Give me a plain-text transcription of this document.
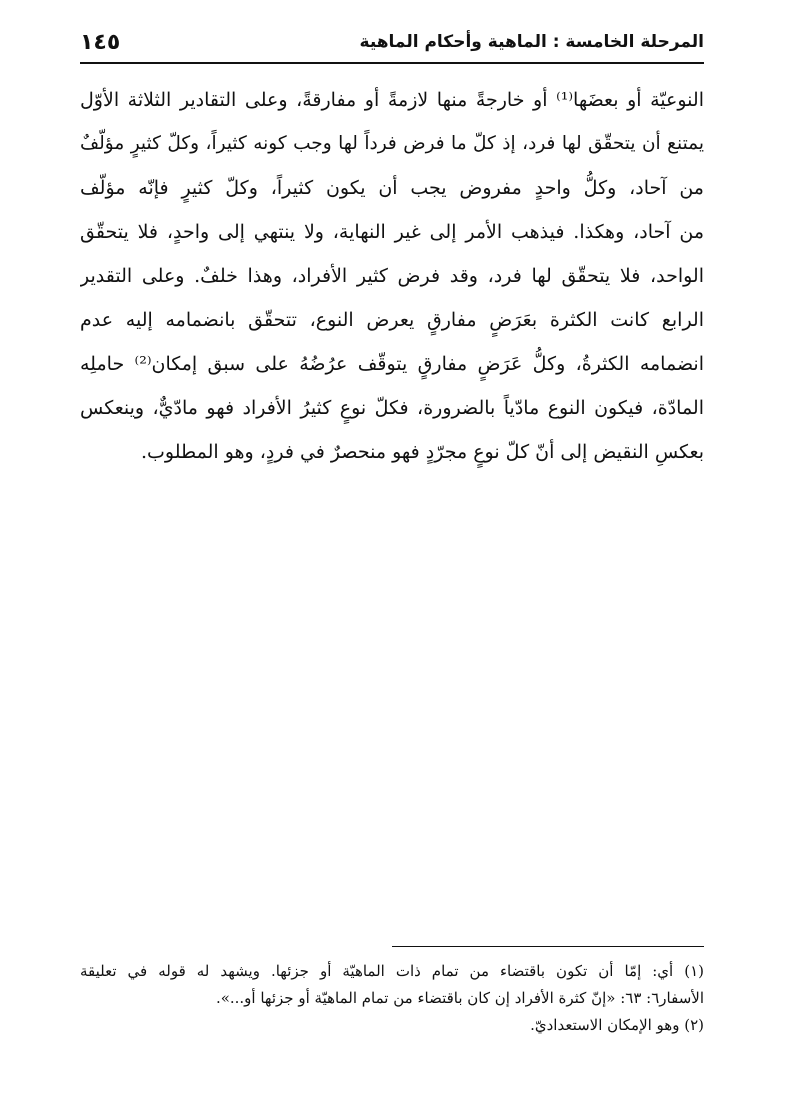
المرحلة الخامسة : الماهية وأحكام الماهية
١٤٥
النوعيّة أو بعضَها⁽¹⁾ أو خارجةً منها لازمةً أو مفارقةً، وعلى التقادير الثلاثة الأوّل
يمتنع أن يتحقّق لها فرد، إذ كلّ ما فرض فرداً لها وجب كونه كثيراً، وكلّ كثيرٍ مؤلّفٌ
من آحاد، وكلُّ واحدٍ مفروض يجب أن يكون كثيراً، وكلّ كثيرٍ فإنّه مؤلّف
من آحاد، وهكذا. فيذهب الأمر إلى غير النهاية، ولا ينتهي إلى واحدٍ، فلا يتحقّق
الواحد، فلا يتحقّق لها فرد، وقد فرض كثير الأفراد، وهذا خلفٌ. وعلى التقدير
الرابع كانت الكثرة بعَرَضٍ مفارقٍ يعرض النوع، تتحقّق بانضمامه إليه عدم
انضمامه الكثرةُ، وكلُّ عَرَضٍ مفارقٍ يتوقّف عرُضُهُ على سبق إمكان⁽²⁾ حاملِه
المادّة، فيكون النوع مادّياً بالضرورة، فكلّ نوعٍ كثيرُ الأفراد فهو مادّيٌّ، وينعكس
بعكسِ النقيض إلى أنّ كلّ نوعٍ مجرّدٍ فهو منحصرٌ في فردٍ، وهو المطلوب.
(١) أي: إمّا أن تكون باقتضاء من تمام ذات الماهيّة أو جزئها. ويشهد له قوله في تعليقة
الأسفار٦: ٦٣: «إنّ كثرة الأفراد إن كان باقتضاء من تمام الماهيّة أو جزئها أو...».
(٢) وهو الإمكان الاستعداديّ.
